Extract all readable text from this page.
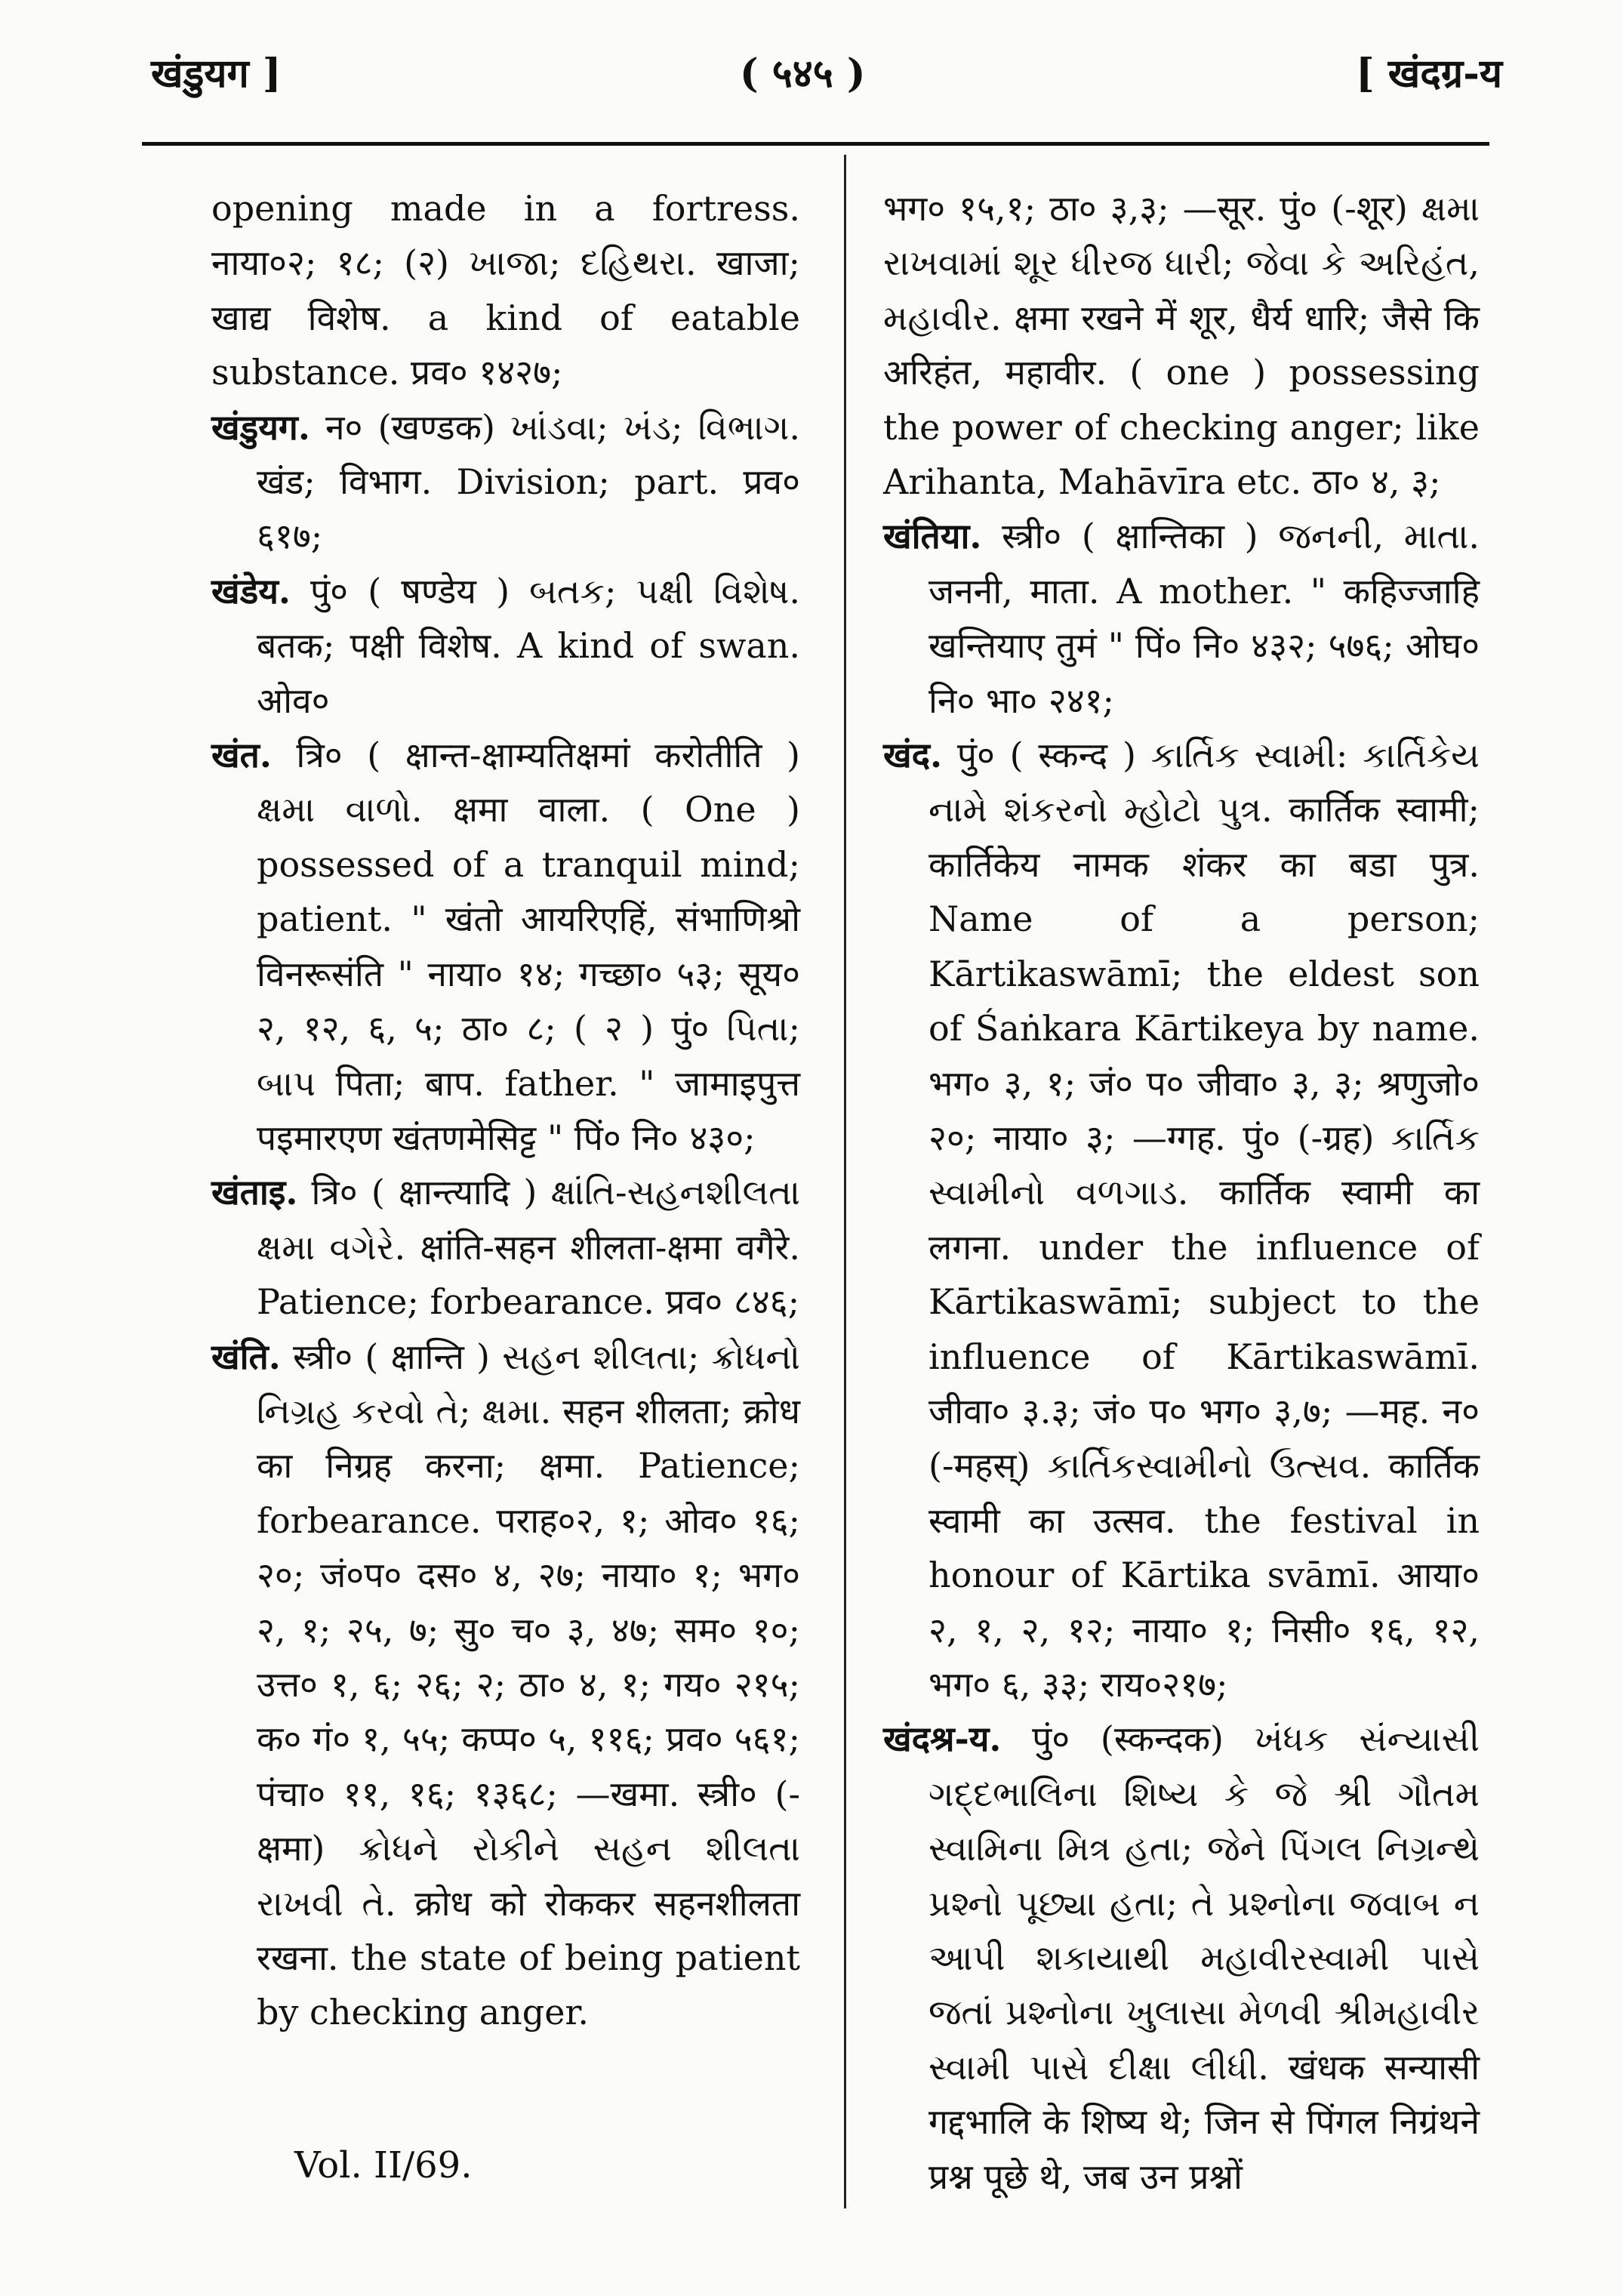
खंडुयग ]	( ५४५ )	[ खंदग्र-य

opening made in a fortress. नाया०२; १८; (२) ખાજા; દહિથરા. खाजा; खाद्य विशेष. a kind of eatable substance. प्रव० १४२७;

खंडुयग. न० (खण्डक) ખાંડવા; ખંડ; વિભાગ. खंड; विभाग. Division; part. प्रव० ६१७;

खंडेय. पुं० ( षण्डेय ) બતક; પક્ષી વિશેષ. बतक; पक्षी विशेष. A kind of swan. ओव०

खंत. त्रि० ( क्षान्त-क्षाम्यतिक्षमां करोतीति ) ક્ષમા વાળો. क्षमा वाला. ( One ) possessed of a tranquil mind; patient. " खंतो आयरिएहिं, संभाणिश्रो विनरूसंति " नाया० १४; गच्छा० ५३; सूय० २, १२, ६, ५; ठा० ८; ( २ ) पुं० પિતા; બાપ पिता; बाप. father. " जामाइपुत्त पइमारएण खंतणमेसिट्ट " पिं० नि० ४३०;

खंताइ. त्रि० ( क्षान्त्यादि ) ક્ષાંતિ-સહનશીલતા ક્ષમા વગેરે. क्षांति-सहन शीलता-क्षमा वगैरे. Patience; forbearance. प्रव० ८४६;

खंति. स्त्री० ( क्षान्ति ) સહન શીલતા; ક્રોધનો નિગ્રહ કરવો તે; ક્ષમા. सहन शीलता; क्रोध का निग्रह करना; क्षमा. Patience; forbearance. पराह०२, १; ओव० १६; २०; जं०प० दस० ४, २७; नाया० १; भग० २, १; २५, ७; सु० च० ३, ४७; सम० १०; उत्त० १, ६; २६; २; ठा० ४, १; गय० २१५; क० गं० १, ५५; कप्प० ५, ११६; प्रव० ५६१; पंचा० ११, १६; १३६८; —खमा. स्त्री० (-क्षमा) ક્રોધને રોકીને સહન શીલતા રાખવી તે. क्रोध को रोककर सहनशीलता रखना. the state of being patient by checking anger.

भग० १५,१; ठा० ३,३; —सूर. पुं० (-शूर) ક્ષમા રાખવામાં શૂર ધીરજ ધારી; જેવા કે અરિહંત, મહાવીર. क्षमा रखने में शूर, धैर्य धारि; जैसे कि अरिहंत, महावीर. ( one ) possessing the power of checking anger; like Arihanta, Mahāvīra etc. ठा० ४, ३;

खंतिया. स्त्री० ( क्षान्तिका ) જનની, માતા. जननी, माता. A mother. " कहिज्जाहि खन्तियाए तुमं " पिं० नि० ४३२; ५७६; ओघ० नि० भा० २४१;

खंद. पुं० ( स्कन्द ) કાર્તિક સ્વામી: કાર્તિકેય નામે શંકરનો મ્હોટો પુત્ર. कार्तिक स्वामी; कार्तिकेय नामक शंकर का बडा पुत्र. Name of a person; Kārtikaswāmī; the eldest son of Śaṅkara Kārtikeya by name. भग० ३, १; जं० प० जीवा० ३, ३; श्रणुजो० २०; नाया० ३; —ग्गह. पुं० (-ग्रह) કાર્તિક સ્વામીનો વળગાડ. कार्तिक स्वामी का लगना. under the influence of Kārtikaswāmī; subject to the influence of Kārtikaswāmī. जीवा० ३.३; जं० प० भग० ३,७; —मह. न० (-महस्) કાર્તિકસ્વામીનો ઉત્સવ. कार्तिक स्वामी का उत्सव. the festival in honour of Kārtika svāmī. आया० २, १, २, १२; नाया० १; निसी० १६, १२, भग० ६, ३३; राय०२१७;

खंदश्र-य. पुं० (स्कन्दक) ખંધક સંન્યાસી ગદ્દભાલિના શિષ્ય કે જે શ્રી ગૌતમ સ્વામિના મિત્ર હતા; જેને પિંગલ નિગ્રન્થે પ્રશ્નો પૂછ્યા હતા; તે પ્રશ્નોના જવાબ ન આપી શકાયાથી મહાવીરસ્વામી પાસે જતાં પ્રશ્નોના ખુલાસા મેળવી શ્રીમહાવીર સ્વામી પાસે દીક્ષા લીધી. खंधक सन्यासी गद्दभालि के शिष्य थे; जिन से पिंगल निग्रंथने प्रश्न पूछे थे, जब उन प्रश्नों

Vol. II/69.
